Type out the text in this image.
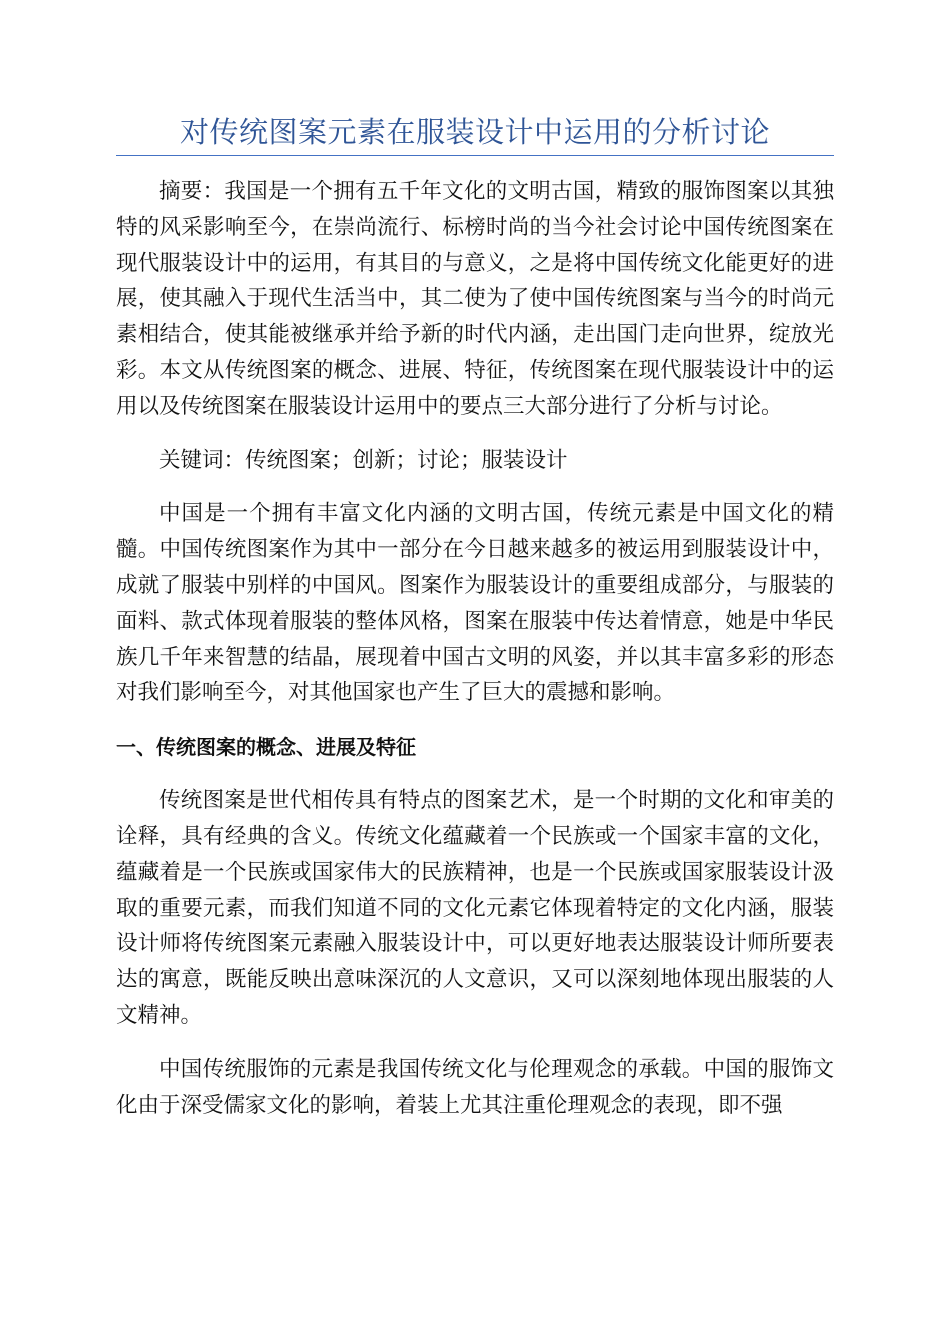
对传统图案元素在服装设计中运用的分析讨论

摘要：我国是一个拥有五千年文化的文明古国，精致的服饰图案以其独特的风采影响至今，在崇尚流行、标榜时尚的当今社会讨论中国传统图案在现代服装设计中的运用，有其目的与意义，之是将中国传统文化能更好的进展，使其融入于现代生活当中，其二使为了使中国传统图案与当今的时尚元素相结合，使其能被继承并给予新的时代内涵，走出国门走向世界，绽放光彩。本文从传统图案的概念、进展、特征，传统图案在现代服装设计中的运用以及传统图案在服装设计运用中的要点三大部分进行了分析与讨论。

关键词：传统图案；创新；讨论；服装设计

中国是一个拥有丰富文化内涵的文明古国，传统元素是中国文化的精髓。中国传统图案作为其中一部分在今日越来越多的被运用到服装设计中，成就了服装中别样的中国风。图案作为服装设计的重要组成部分，与服装的面料、款式体现着服装的整体风格，图案在服装中传达着情意，她是中华民族几千年来智慧的结晶，展现着中国古文明的风姿，并以其丰富多彩的形态对我们影响至今，对其他国家也产生了巨大的震撼和影响。

一、传统图案的概念、进展及特征

传统图案是世代相传具有特点的图案艺术，是一个时期的文化和审美的诠释，具有经典的含义。传统文化蕴藏着一个民族或一个国家丰富的文化，蕴藏着是一个民族或国家伟大的民族精神，也是一个民族或国家服装设计汲取的重要元素，而我们知道不同的文化元素它体现着特定的文化内涵，服装设计师将传统图案元素融入服装设计中，可以更好地表达服装设计师所要表达的寓意，既能反映出意味深沉的人文意识，又可以深刻地体现出服装的人文精神。

中国传统服饰的元素是我国传统文化与伦理观念的承载。中国的服饰文化由于深受儒家文化的影响，着装上尤其注重伦理观念的表现，即不强
